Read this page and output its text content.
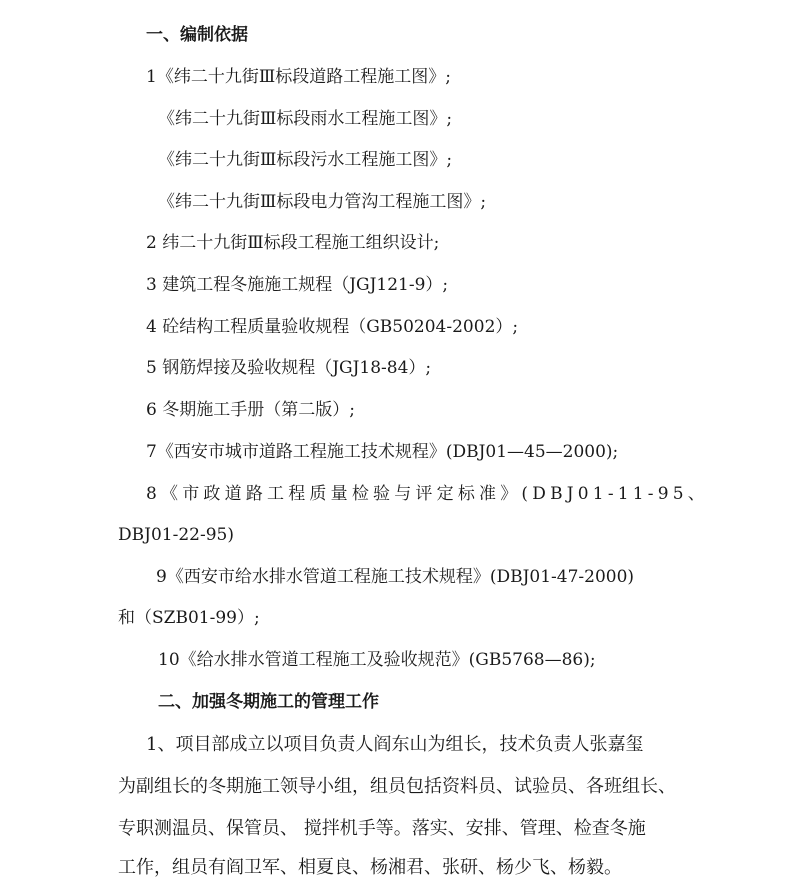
一、编制依据
1《纬二十九街Ⅲ标段道路工程施工图》;
《纬二十九街Ⅲ标段雨水工程施工图》;
《纬二十九街Ⅲ标段污水工程施工图》;
《纬二十九街Ⅲ标段电力管沟工程施工图》;
2 纬二十九街Ⅲ标段工程施工组织设计;
3 建筑工程冬施施工规程（JGJ121-9）;
4 砼结构工程质量验收规程（GB50204-2002）;
5 钢筋焊接及验收规程（JGJ18-84）;
6 冬期施工手册（第二版）;
7《西安市城市道路工程施工技术规程》(DBJ01—45—2000);
8《市政道路工程质量检验与评定标准》(DBJ01-11-95、
DBJ01-22-95)
9《西安市给水排水管道工程施工技术规程》(DBJ01-47-2000)
和（SZB01-99）;
10《给水排水管道工程施工及验收规范》(GB5768—86);
二、加强冬期施工的管理工作
1、项目部成立以项目负责人阎东山为组长，技术负责人张嘉玺
为副组长的冬期施工领导小组，组员包括资料员、试验员、各班组长、
专职测温员、保管员、 搅拌机手等。落实、安排、管理、检查冬施
工作，组员有阎卫军、相夏良、杨湘君、张研、杨少飞、杨毅。
